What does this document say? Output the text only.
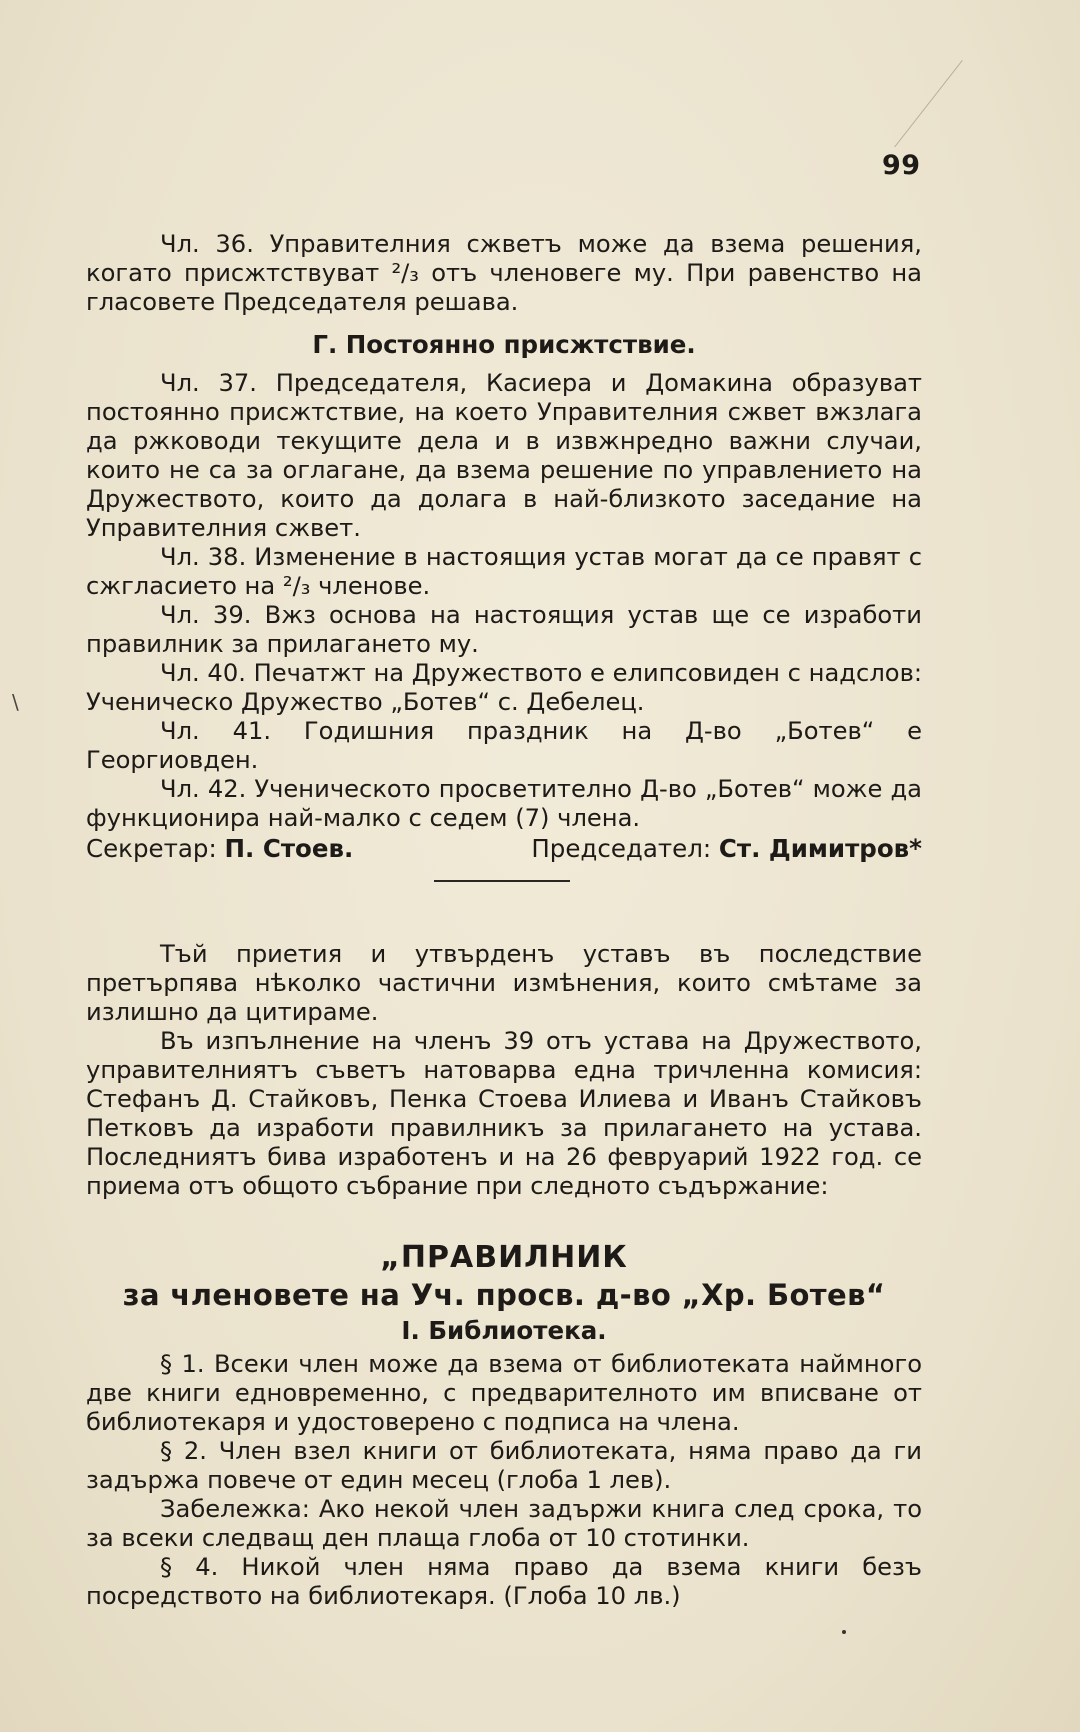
99
\

Чл. 36. Управителния сжветъ може да взема решения, когато присжтствуват ²/₃ отъ членовеге му. При равенство на гласовете Председателя решава.

Г. Постоянно присжтствие.

Чл. 37. Председателя, Касиера и Домакина образуват постоянно присжтствие, на което Управителния сжвет вжзлага да ржководи текущите дела и в извжнредно важни случаи, които не са за оглагане, да взема решение по управлението на Дружеството, които да долага в най-близкото заседание на Управителния сжвет.

Чл. 38. Изменение в настоящия устав могат да се правят с сжгласието на ²/₃ членове.

Чл. 39. Вжз основа на настоящия устав ще се изработи правилник за прилагането му.

Чл. 40. Печатжт на Дружеството е елипсовиден с надслов: Ученическо Дружество „Ботев“ с. Дебелец.

Чл. 41. Годишния праздник на Д-во „Ботев“ е Георгиовден.

Чл. 42. Ученическото просветително Д-во „Ботев“ може да функционира най-малко с седем (7) члена.

Секретар: П. Стоев.	Председател: Ст. Димитров*

Тъй приетия и утвърденъ уставъ въ последствие претърпява нѣколко частични измѣнения, които смѣтаме за излишно да цитираме.

Въ изпълнение на членъ 39 отъ устава на Дружеството, управителниятъ съветъ натоварва една тричленна комисия: Стефанъ Д. Стайковъ, Пенка Стоева Илиева и Иванъ Стайковъ Петковъ да изработи правилникъ за прилагането на устава. Последниятъ бива изработенъ и на 26 февруарий 1922 год. се приема отъ общото събрание при следното съдържание:

„ПРАВИЛНИК
за членовете на Уч. просв. д-во „Хр. Ботев“
I. Библиотека.

§ 1. Всеки член може да взема от библиотеката наймного две книги едновременно, с предварителното им вписване от библиотекаря и удостоверено с подписа на члена.

§ 2. Член взел книги от библиотеката, няма право да ги задържа повече от един месец (глоба 1 лев).

Забележка: Ако некой член задържи книга след срока, то за всеки следващ ден плаща глоба от 10 стотинки.

§ 4. Никой член няма право да взема книги безъ посредството на библиотекаря. (Глоба 10 лв.)
